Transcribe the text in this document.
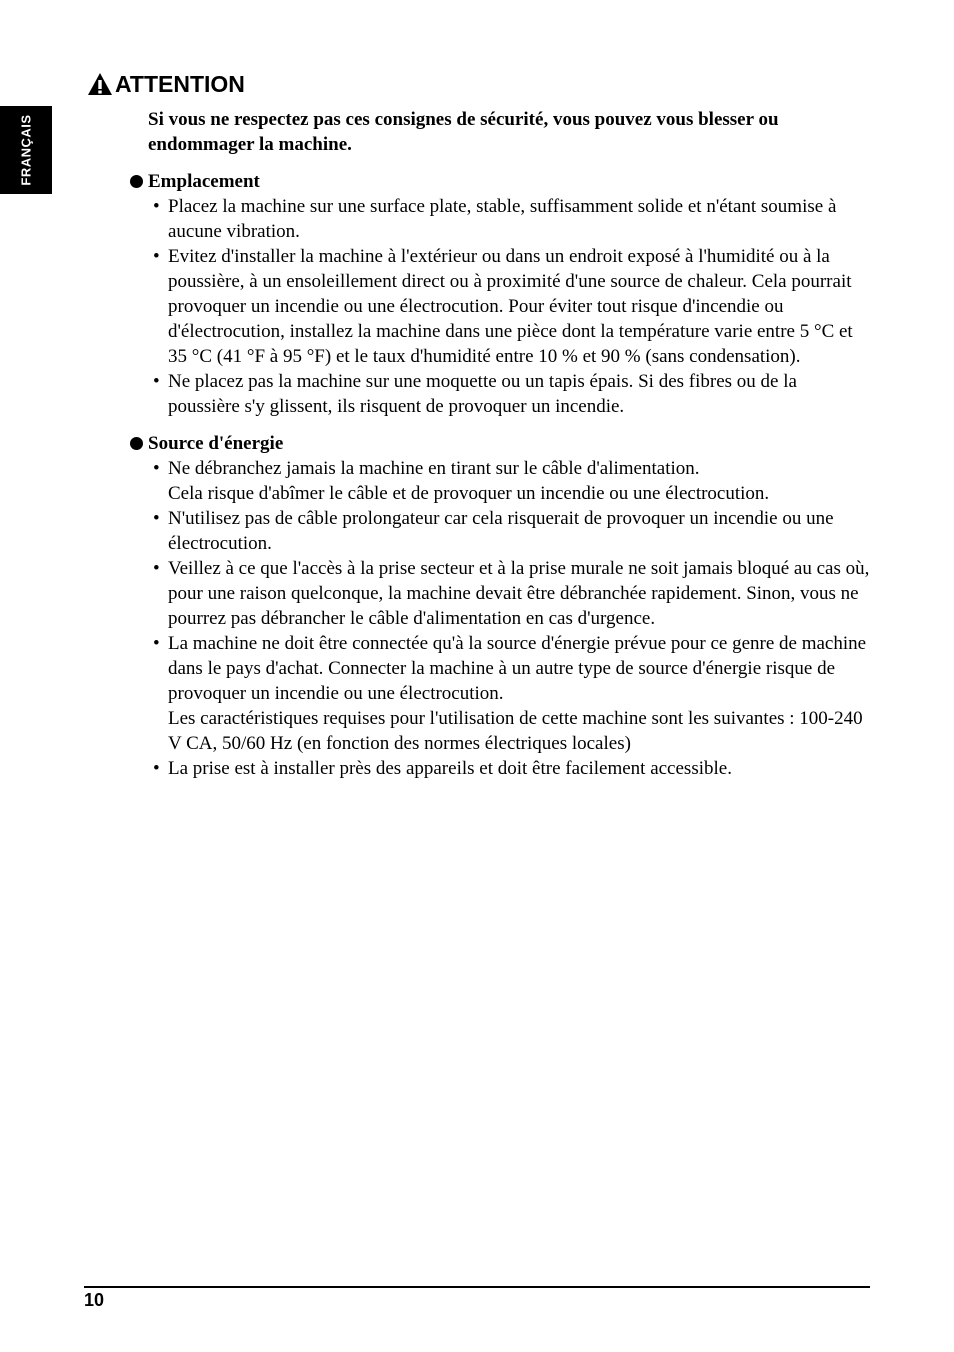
FRANÇAIS
ATTENTION

Si vous ne respectez pas ces consignes de sécurité, vous pouvez vous blesser ou endommager la machine.

Emplacement

• Placez la machine sur une surface plate, stable, suffisamment solide et n'étant soumise à aucune vibration.
• Evitez d'installer la machine à l'extérieur ou dans un endroit exposé à l'humidité ou à la poussière, à un ensoleillement direct ou à proximité d'une source de chaleur. Cela pourrait provoquer un incendie ou une électrocution. Pour éviter tout risque d'incendie ou d'électrocution, installez la machine dans une pièce dont la température varie entre 5 °C et 35 °C (41 °F à 95 °F) et le taux d'humidité entre 10 % et 90 % (sans condensation).
• Ne placez pas la machine sur une moquette ou un tapis épais. Si des fibres ou de la poussière s'y glissent, ils risquent de provoquer un incendie.

Source d'énergie

• Ne débranchez jamais la machine en tirant sur le câble d'alimentation.
Cela risque d'abîmer le câble et de provoquer un incendie ou une électrocution.
• N'utilisez pas de câble prolongateur car cela risquerait de provoquer un incendie ou une électrocution.
• Veillez à ce que l'accès à la prise secteur et à la prise murale ne soit jamais bloqué au cas où, pour une raison quelconque, la machine devait être débranchée rapidement. Sinon, vous ne pourrez pas débrancher le câble d'alimentation en cas d'urgence.
• La machine ne doit être connectée qu'à la source d'énergie prévue pour ce genre de machine dans le pays d'achat. Connecter la machine à un autre type de source d'énergie risque de provoquer un incendie ou une électrocution.
Les caractéristiques requises pour l'utilisation de cette machine sont les suivantes : 100-240 V CA, 50/60 Hz (en fonction des normes électriques locales)
• La prise est à installer près des appareils et doit être facilement accessible.
10
